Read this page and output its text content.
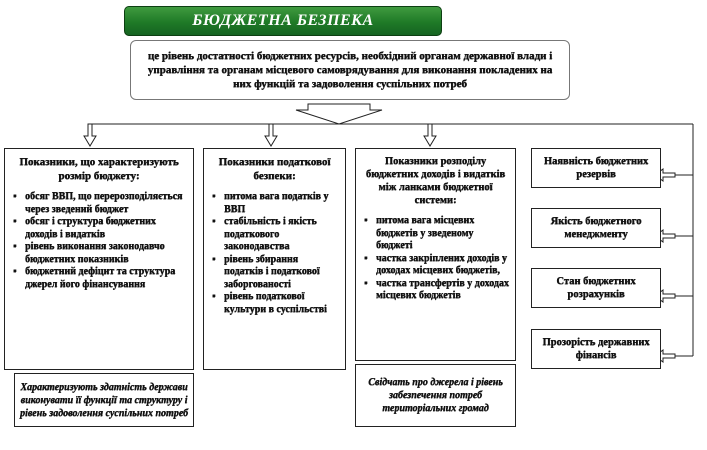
БЮДЖЕТНА БЕЗПЕКА
це рівень достатності бюджетних ресурсів, необхідний органам державної влади і управління та органам місцевого самоврядування для виконання покладених на них функцій та задоволення суспільних потреб
Показники, що характеризують розмір бюджету:
▪ обсяг ВВП, що перерозподіляється через зведений бюджет
▪ обсяг і структура бюджетних доходів і видатків
▪ рівень виконання законодавчо бюджетних показників
▪ бюджетний дефіцит та структура джерел його фінансування
Показники податкової безпеки:
▪ питома вага податків у ВВП
▪ стабільність і якість податкового законодавства
▪ рівень збирання податків і податкової заборгованості
▪ рівень податкової культури в суспільстві
Показники розподілу бюджетних доходів і видатків між ланками бюджетної системи:
▪ питома вага місцевих бюджетів у зведеному бюджеті
▪ частка закріплених доходів у доходах місцевих бюджетів,
▪ частка трансфертів у доходах місцевих бюджетів
Характеризують здатність держави виконувати її функції та структуру і рівень задоволення суспільних потреб
Свідчать про джерела і рівень забезпечення потреб територіальних громад
Наявність бюджетних резервів
Якість бюджетного менеджменту
Стан бюджетних розрахунків
Прозорість державних фінансів
